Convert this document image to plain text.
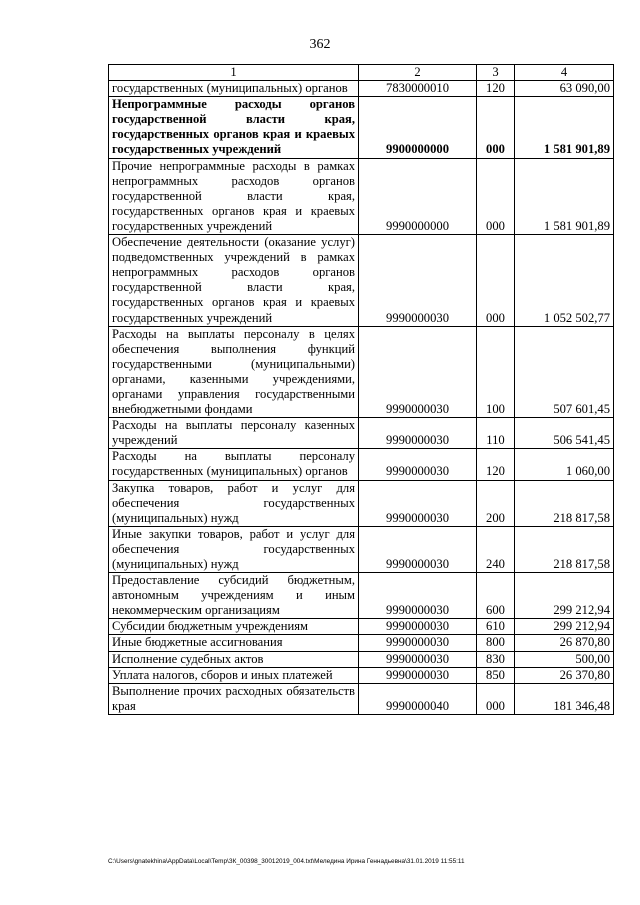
362
1	2	3	4
государственных (муниципальных) органов	7830000010	120	63 090,00
Непрограммные расходы органов государственной власти края, государственных органов края и краевых государственных учреждений	9900000000	000	1 581 901,89
Прочие непрограммные расходы в рамках непрограммных расходов органов государственной власти края, государственных органов края и краевых государственных учреждений	9990000000	000	1 581 901,89
Обеспечение деятельности (оказание услуг) подведомственных учреждений в рамках непрограммных расходов органов государственной власти края, государственных органов края и краевых государственных учреждений	9990000030	000	1 052 502,77
Расходы на выплаты персоналу в целях обеспечения выполнения функций государственными (муниципальными) органами, казенными учреждениями, органами управления государственными внебюджетными фондами	9990000030	100	507 601,45
Расходы на выплаты персоналу казенных учреждений	9990000030	110	506 541,45
Расходы на выплаты персоналу государственных (муниципальных) органов	9990000030	120	1 060,00
Закупка товаров, работ и услуг для обеспечения государственных (муниципальных) нужд	9990000030	200	218 817,58
Иные закупки товаров, работ и услуг для обеспечения государственных (муниципальных) нужд	9990000030	240	218 817,58
Предоставление субсидий бюджетным, автономным учреждениям и иным некоммерческим организациям	9990000030	600	299 212,94
Субсидии бюджетным учреждениям	9990000030	610	299 212,94
Иные бюджетные ассигнования	9990000030	800	26 870,80
Исполнение судебных актов	9990000030	830	500,00
Уплата налогов, сборов и иных платежей	9990000030	850	26 370,80
Выполнение прочих расходных обязательств края	9990000040	000	181 346,48
C:\Users\gnatekhina\AppData\Local\Temp\ЗК_00398_30012019_004.txt\Меледина Ирина Геннадьевна\31.01.2019 11:55:11
